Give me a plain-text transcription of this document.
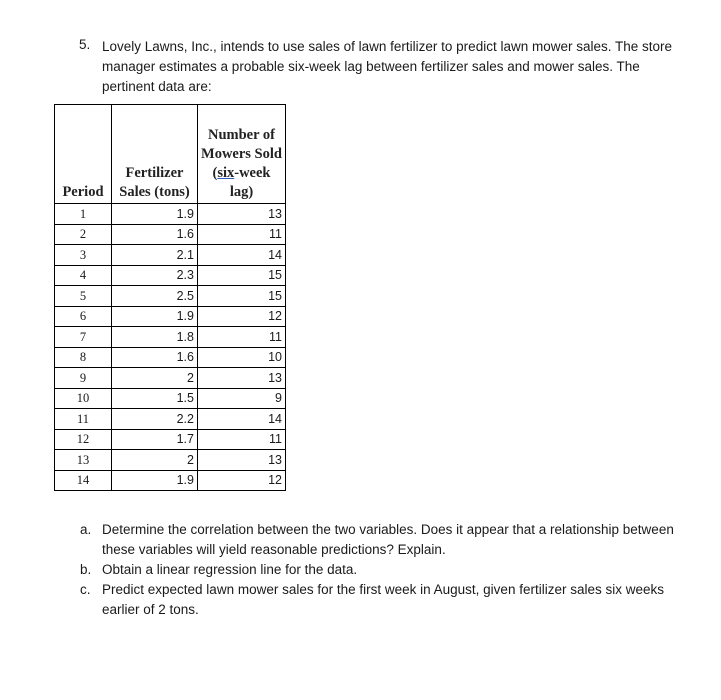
5. Lovely Lawns, Inc., intends to use sales of lawn fertilizer to predict lawn mower sales. The store manager estimates a probable six-week lag between fertilizer sales and mower sales. The pertinent data are:
Period	Fertilizer Sales (tons)	Number of Mowers Sold (six-week lag)
1	1.9	13
2	1.6	11
3	2.1	14
4	2.3	15
5	2.5	15
6	1.9	12
7	1.8	11
8	1.6	10
9	2	13
10	1.5	9
11	2.2	14
12	1.7	11
13	2	13
14	1.9	12
a. Determine the correlation between the two variables. Does it appear that a relationship between these variables will yield reasonable predictions? Explain.
b. Obtain a linear regression line for the data.
c. Predict expected lawn mower sales for the first week in August, given fertilizer sales six weeks earlier of 2 tons.
